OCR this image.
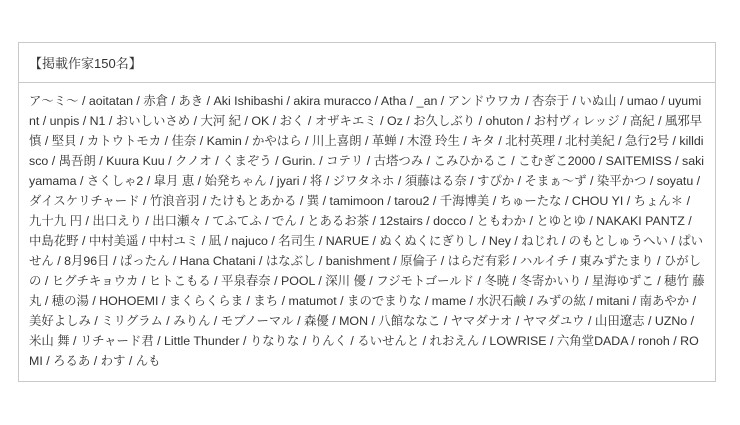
【掲載作家150名】
ア～ミ～ / aoitatan / 赤倉 / あき / Aki Ishibashi / akira muracco / Atha / _an / アンドウワカ / 杏奈于 / いぬ山 / umao / uyumint / unpis / N1 / おいしいさめ / 大河 紀 / OK / おく / オザキエミ / Oz / お久しぶり / ohuton / お村ヴィレッジ / 高紀 / 風邪早慎 / 堅貝 / カトウトモカ / 佳奈 / Kamin / かやはら / 川上喜朗 / 革蝉 / 木澄 玲生 / キタ / 北村英理 / 北村美紀 / 急行2号 / killdisco / 禺吾朗 / Kuura Kuu / クノオ / くまぞう / Gurin. / コテリ / 古塔つみ / こみひかるこ / こむぎこ2000 / SAITEMISS / sakiyamama / さくしゃ2 / 皐月 恵 / 始発ちゃん / jyari / 将 / ジワタネホ / 須藤はる奈 / すぴか / そまぁ～ず / 染平かつ / soyatu / ダイスケリチャード / 竹浪音羽 / たけもとあかる / 巽 / tamimoon / tarou2 / 千海博美 / ちゅーたな / CHOU YI / ちょん＊ / 九十九 円 / 出口えり / 出口瀬々 / てふてふ / でん / とあるお茶 / 12stairs / docco / ともわか / とゆとゆ / NAKAKI PANTZ / 中島花野 / 中村美遥 / 中村ユミ / 凪 / najuco / 名司生 / NARUE / ぬくぬくにぎりし / Ney / ねじれ / のもとしゅうへい / ぱいせん / 8月96日 / ぱったん / Hana Chatani / はなぶし / banishment / 原倫子 / はらだ有彩 / ハルイチ / 東みずたまり / ひがしの / ヒグチキョウカ / ヒトこもる / 平泉春奈 / POOL / 深川 優 / フジモトゴールド / 冬暁 / 冬寄かいり / 星海ゆずこ / 穂竹 藤丸 / 穂の湯 / HOHOEMI / まくらくらま / まち / matumot / まのでまりな / mame / 水沢石鹸 / みずの紘 / mitani / 南あやか / 美好よしみ / ミリグラム / みりん / モブノーマル / 森優 / MON / 八館ななこ / ヤマダナオ / ヤマダユウ / 山田遼志 / UZNo / 米山 舞 / リチャード君 / Little Thunder / りなりな / りんく / るいせんと / れおえん / LOWRISE / 六角堂DADA / ronoh / ROMI / ろるあ / わす / んも
